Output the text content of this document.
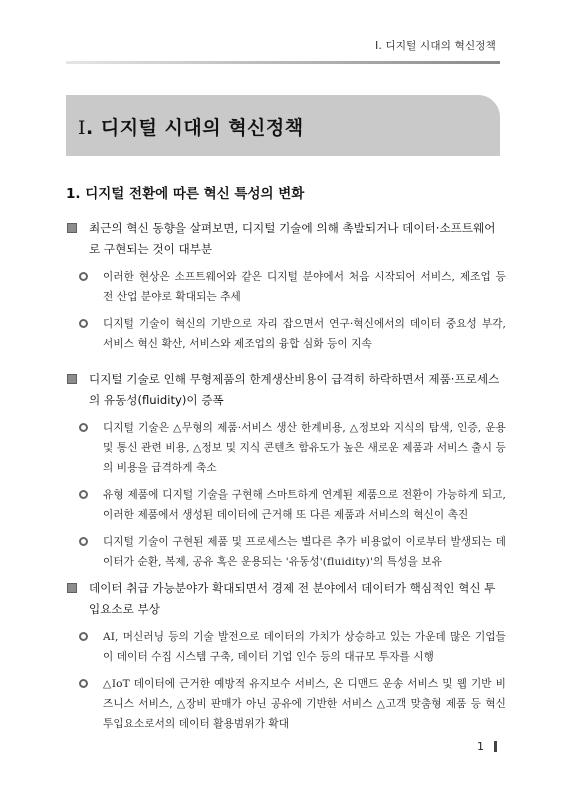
Ⅰ. 디지털 시대의 혁신정책
Ⅰ. 디지털 시대의 혁신정책
1. 디지털 전환에 따른 혁신 특성의 변화
최근의 혁신 동향을 살펴보면, 디지털 기술에 의해 촉발되거나 데이터·소프트웨어로 구현되는 것이 대부분
이러한 현상은 소프트웨어와 같은 디지털 분야에서 처음 시작되어 서비스, 제조업 등 전 산업 분야로 확대되는 추세
디지털 기술이 혁신의 기반으로 자리 잡으면서 연구·혁신에서의 데이터 중요성 부각, 서비스 혁신 확산, 서비스와 제조업의 융합 심화 등이 지속
디지털 기술로 인해 무형제품의 한계생산비용이 급격히 하락하면서 제품·프로세스의 유동성(fluidity)이 증폭
디지털 기술은 △무형의 제품·서비스 생산 한계비용, △정보와 지식의 탐색, 인증, 운용 및 통신 관련 비용, △정보 및 지식 콘텐츠 함유도가 높은 새로운 제품과 서비스 출시 등의 비용을 급격하게 축소
유형 제품에 디지털 기술을 구현해 스마트하게 연계된 제품으로 전환이 가능하게 되고, 이러한 제품에서 생성된 데이터에 근거해 또 다른 제품과 서비스의 혁신이 촉진
디지털 기술이 구현된 제품 및 프로세스는 별다른 추가 비용없이 이로부터 발생되는 데이터가 순환, 복제, 공유 혹은 운용되는 '유동성'(fluidity)'의 특성을 보유
데이터 취급 가능분야가 확대되면서 경제 전 분야에서 데이터가 핵심적인 혁신 투입요소로 부상
AI, 머신러닝 등의 기술 발전으로 데이터의 가치가 상승하고 있는 가운데 많은 기업들이 데이터 수집 시스템 구축, 데이터 기업 인수 등의 대규모 투자를 시행
△IoT 데이터에 근거한 예방적 유지보수 서비스, 온 디맨드 운송 서비스 및 웹 기반 비즈니스 서비스, △장비 판매가 아닌 공유에 기반한 서비스 △고객 맞춤형 제품 등 혁신 투입요소로서의 데이터 활용범위가 확대
1
